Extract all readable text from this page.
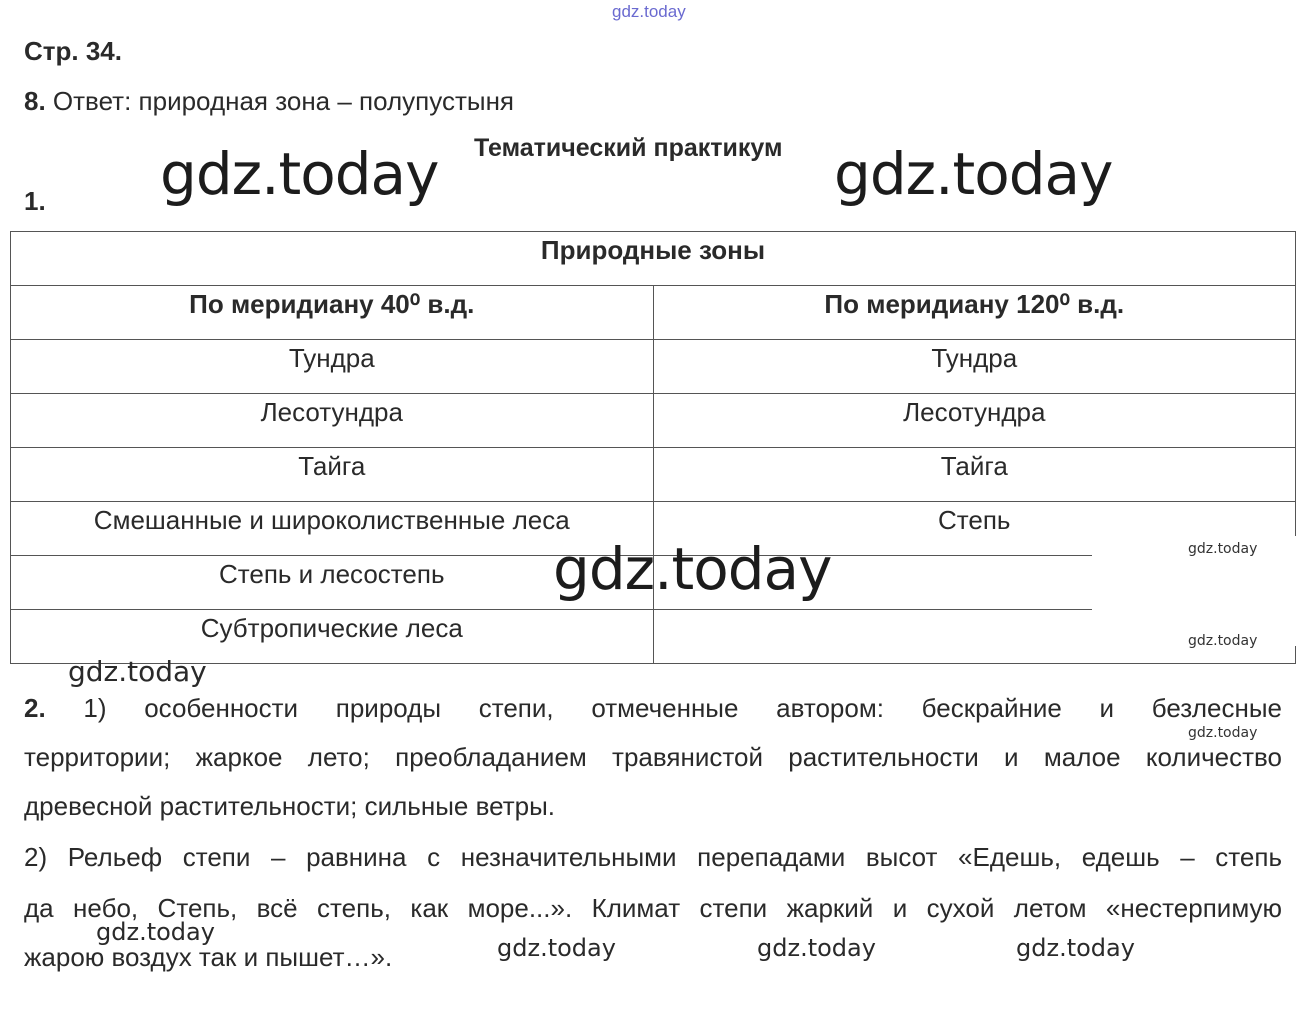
gdz.today
Стр. 34.
8. Ответ: природная зона – полупустыня
Тематический практикум
1. gdz.today	gdz.today
Природные зоны	
По меридиану 40⁰ в.д.	По меридиану 120⁰ в.д.
Тундра	Тундра
Лесотундра	Лесотундра
Тайга	Тайга
Смешанные и широколиственные леса	Степь
Степь и лесостепь	
Субтропические леса	
gdz.today	gdz.today
gdz.today
gdz.today
gdz.today
2. 1) особенности природы степи, отмеченные автором: бескрайние и безлесные
территории; жаркое лето; преобладанием травянистой растительности и малое количество
древесной растительности; сильные ветры.
2) Рельеф степи – равнина с незначительными перепадами высот «Едешь, едешь – степь
да небо, Степь, всё степь, как море...». Климат степи жаркий и сухой летом «нестерпимую
жарою воздух так и пышет…».
gdz.today
gdz.today	gdz.today	gdz.today
